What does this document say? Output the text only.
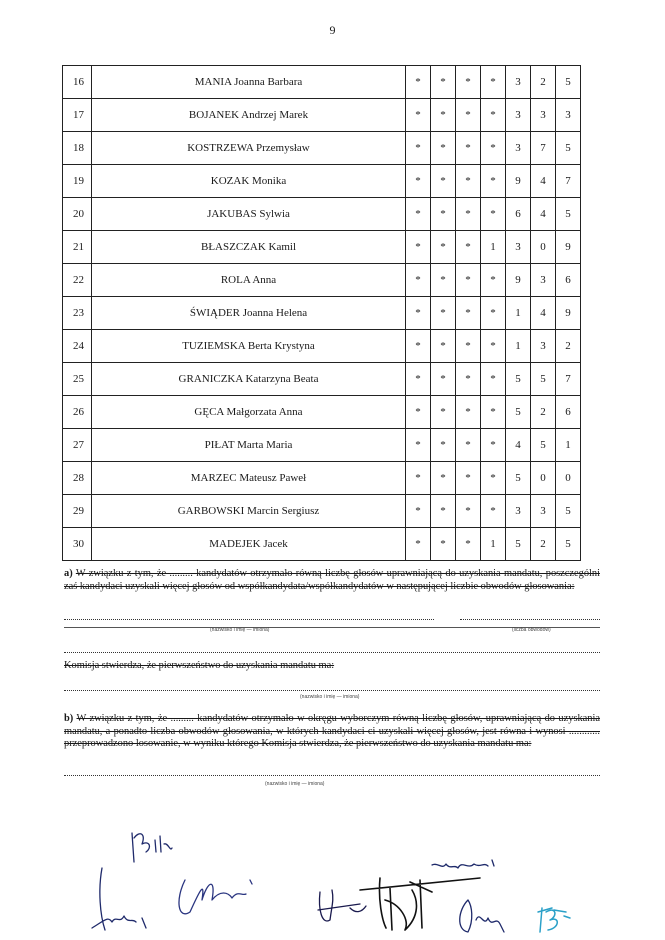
9
16	MANIA Joanna Barbara	*	*	*	*	3	2	5
17	BOJANEK Andrzej Marek	*	*	*	*	3	3	3
18	KOSTRZEWA Przemysław	*	*	*	*	3	7	5
19	KOZAK Monika	*	*	*	*	9	4	7
20	JAKUBAS Sylwia	*	*	*	*	6	4	5
21	BŁASZCZAK Kamil	*	*	*	1	3	0	9
22	ROLA Anna	*	*	*	*	9	3	6
23	ŚWIĄDER Joanna Helena	*	*	*	*	1	4	9
24	TUZIEMSKA Berta Krystyna	*	*	*	*	1	3	2
25	GRANICZKA Katarzyna Beata	*	*	*	*	5	5	7
26	GĘCA Małgorzata Anna	*	*	*	*	5	2	6
27	PIŁAT Marta Maria	*	*	*	*	4	5	1
28	MARZEC Mateusz Paweł	*	*	*	*	5	0	0
29	GARBOWSKI Marcin Sergiusz	*	*	*	*	3	3	5
30	MADEJEK Jacek	*	*	*	1	5	2	5
a) W związku z tym, że ......... kandydatów otrzymało równą liczbę głosów uprawniającą do uzyskania mandatu, poszczególni zaś kandydaci uzyskali więcej głosów od współkandydata/współkandydatów w następującej liczbie obwodów głosowania:
(nazwisko i imię — imiona)	(liczba obwodów)
Komisja stwierdza, że pierwszeństwo do uzyskania mandatu ma:
(nazwisko i imię — imiona)
b) W związku z tym, że ......... kandydatów otrzymało w okręgu wyborczym równą liczbę głosów, uprawniającą do uzyskania mandatu, a ponadto liczba obwodów głosowania, w których kandydaci ci uzyskali więcej głosów, jest równa i wynosi ............ przeprowadzono losowanie, w wyniku którego Komisja stwierdza, że pierwszeństwo do uzyskania mandatu ma:
(nazwisko i imię — imiona)
